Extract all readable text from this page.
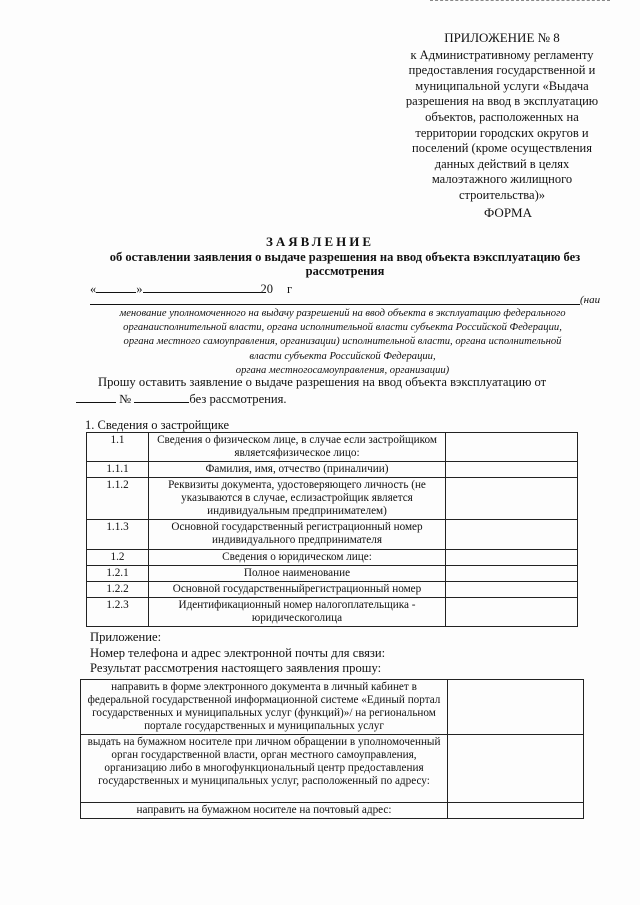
ПРИЛОЖЕНИЕ № 8
к Административному регламенту
предоставления государственной и
муниципальной услуги «Выдача
разрешения на ввод в эксплуатацию
объектов, расположенных на
территории городских округов и
поселений (кроме осуществления
данных действий в целях
малоэтажного жилищного
строительства)»
ФОРМА
ЗАЯВЛЕНИЕ
об оставлении заявления о выдаче разрешения на ввод объекта вэксплуатацию без рассмотрения
«	»	20 г
(наи
менование уполномоченного на выдачу разрешений на ввод объекта в эксплуатацию федерального
органаисполнительной власти, органа исполнительной власти субъекта Российской Федерации,
органа местного самоуправления, организации) исполнительной власти, органа исполнительной
власти субъекта Российской Федерации,
органа местногосамоуправления, организации)
Прошу оставить заявление о выдаче разрешения на ввод объекта вэксплуатацию от
№	без рассмотрения.
1. Сведения о застройщике
1.1	Сведения о физическом лице, в случае если застройщиком являетсяфизическое лицо:	
1.1.1	Фамилия, имя, отчество (приналичии)	
1.1.2	Реквизиты документа, удостоверяющего личность (не указываются в случае, еслизастройщик является индивидуальным предпринимателем)	
1.1.3	Основной государственный регистрационный номер индивидуального предпринимателя	
1.2	Сведения о юридическом лице:	
1.2.1	Полное наименование	
1.2.2	Основной государственныйрегистрационный номер	
1.2.3	Идентификационный номер налогоплательщика - юридическоголица	
Приложение:
Номер телефона и адрес электронной почты для связи:
Результат рассмотрения настоящего заявления прошу:
направить в форме электронного документа в личный кабинет в федеральной государственной информационной системе «Единый портал государственных и муниципальных услуг (функций)»/ на региональном портале государственных и муниципальных услуг	
выдать на бумажном носителе при личном обращении в уполномоченный орган государственной власти, орган местного самоуправления, организацию либо в многофункциональный центр предоставления государственных и муниципальных услуг, расположенный по адресу:	
направить на бумажном носителе на почтовый адрес:	
